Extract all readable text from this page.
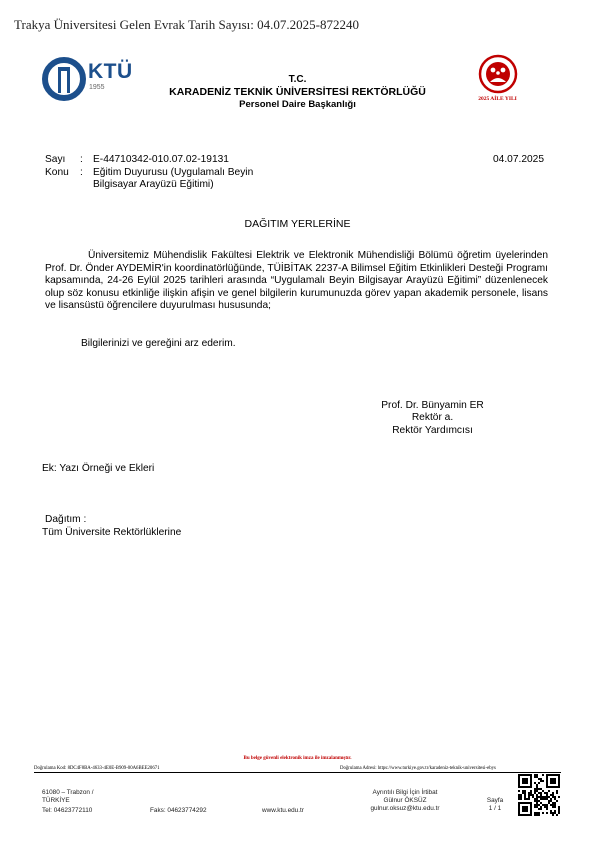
Trakya Üniversitesi Gelen Evrak Tarih Sayısı: 04.07.2025-872240
KTÜ
1955
T.C.
KARADENİZ TEKNİK ÜNİVERSİTESİ REKTÖRLÜĞÜ
Personel Daire Başkanlığı	2025 AİLE YILI
Sayı : E-44710342-010.07.02-19131	04.07.2025
Konu : Eğitim Duyurusu (Uygulamalı Beyin
Bilgisayar Arayüzü Eğitimi)
DAĞITIM YERLERİNE

Üniversitemiz Mühendislik Fakültesi Elektrik ve Elektronik Mühendisliği Bölümü öğretim üyelerinden Prof. Dr. Önder AYDEMİR'in koordinatörlüğünde, TÜİBİTAK 2237-A Bilimsel Eğitim Etkinlikleri Desteği Programı kapsamında, 24-26 Eylül 2025 tarihleri arasında “Uygulamalı Beyin Bilgisayar Arayüzü Eğitimi” düzenlenecek olup söz konusu etkinliğe ilişkin afişin ve genel bilgilerin kurumunuzda görev yapan akademik personele, lisans ve lisansüstü öğrencilere duyurulması hususunda;

Bilgilerinizi ve gereğini arz ederim.
Prof. Dr. Bünyamin ER
Rektör a.
Rektör Yardımcısı
Ek: Yazı Örneği ve Ekleri
Dağıtım :
Tüm Üniversite Rektörlüklerine
Bu belge güvenli elektronik imza ile imzalanmıştır.
Doğrulama Kod: 8DC4F8BA-4633-4E0E-B909-00A6BEE20671	Doğrulama Adresi: https://www.turkiye.gov.tr/karadeniz-teknik-universitesi-ebys
61080 – Trabzon /
TÜRKİYE
Tel: 04623772110	Faks: 04623774292	www.ktu.edu.tr
Ayrıntılı Bilgi İçin İrtibat
Gülnur ÖKSÜZ
gulnur.oksuz@ktu.edu.tr
Sayfa
1 / 1
